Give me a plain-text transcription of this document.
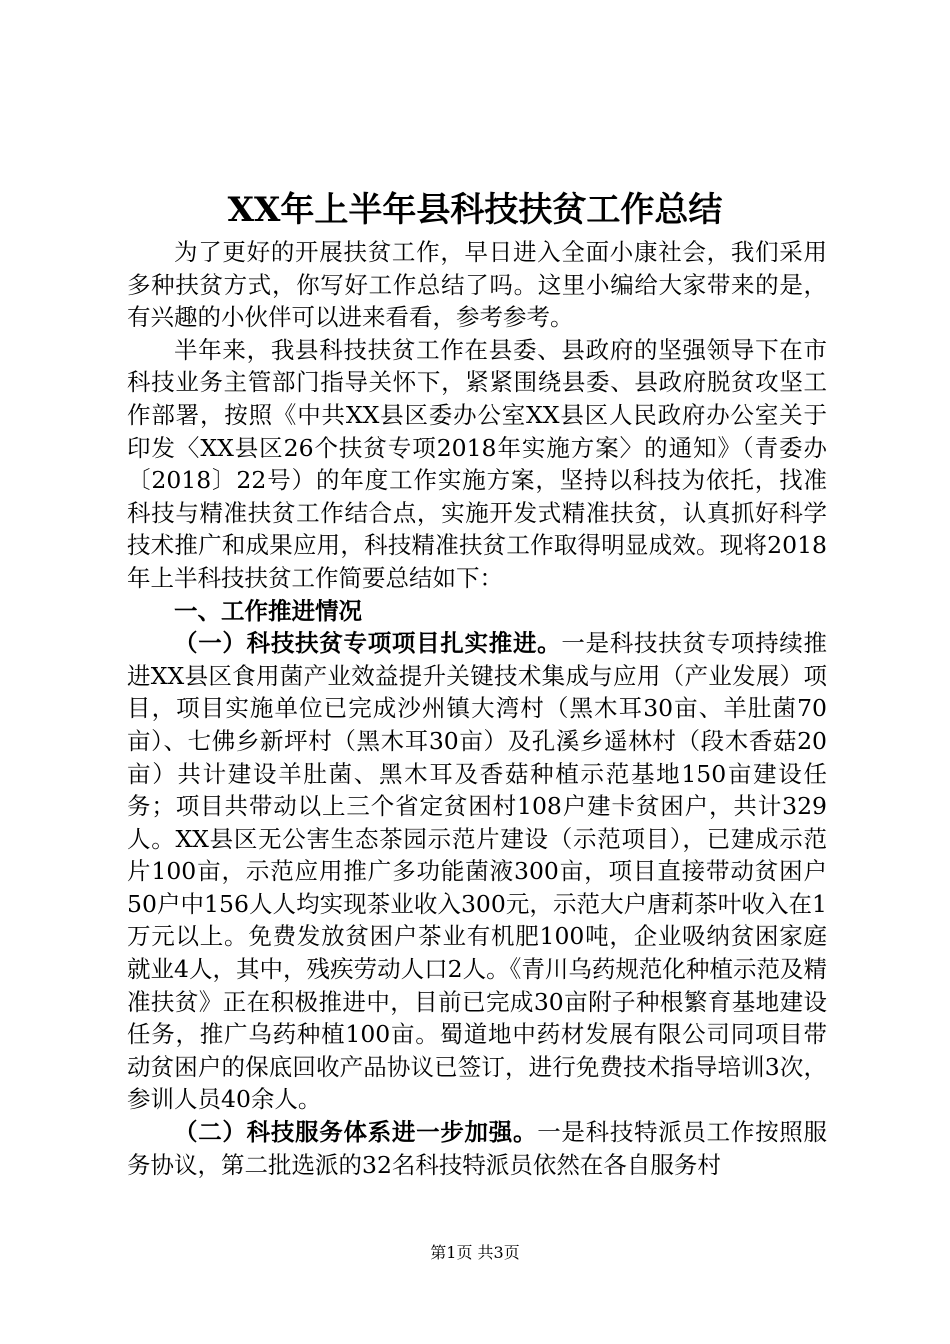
XX年上半年县科技扶贫工作总结

为了更好的开展扶贫工作，早日进入全面小康社会，我们采用多种扶贫方式，你写好工作总结了吗。这里小编给大家带来的是，有兴趣的小伙伴可以进来看看，参考参考。

半年来，我县科技扶贫工作在县委、县政府的坚强领导下在市科技业务主管部门指导关怀下，紧紧围绕县委、县政府脱贫攻坚工作部署，按照《中共XX县区委办公室XX县区人民政府办公室关于印发〈XX县区26个扶贫专项2018年实施方案〉的通知》（青委办〔2018〕22号）的年度工作实施方案，坚持以科技为依托，找准科技与精准扶贫工作结合点，实施开发式精准扶贫，认真抓好科学技术推广和成果应用，科技精准扶贫工作取得明显成效。现将2018年上半科技扶贫工作简要总结如下：

一、工作推进情况

（一）科技扶贫专项项目扎实推进。一是科技扶贫专项持续推进XX县区食用菌产业效益提升关键技术集成与应用（产业发展）项目，项目实施单位已完成沙州镇大湾村（黑木耳30亩、羊肚菌70亩）、七佛乡新坪村（黑木耳30亩）及孔溪乡遥林村（段木香菇20亩）共计建设羊肚菌、黑木耳及香菇种植示范基地150亩建设任务；项目共带动以上三个省定贫困村108户建卡贫困户，共计329人。XX县区无公害生态茶园示范片建设（示范项目），已建成示范片100亩，示范应用推广多功能菌液300亩，项目直接带动贫困户50户中156人人均实现茶业收入300元，示范大户唐莉茶叶收入在1万元以上。免费发放贫困户茶业有机肥100吨，企业吸纳贫困家庭就业4人，其中，残疾劳动人口2人。《青川乌药规范化种植示范及精准扶贫》正在积极推进中，目前已完成30亩附子种根繁育基地建设任务，推广乌药种植100亩。蜀道地中药材发展有限公司同项目带动贫困户的保底回收产品协议已签订，进行免费技术指导培训3次，参训人员40余人。

（二）科技服务体系进一步加强。一是科技特派员工作按照服务协议，第二批选派的32名科技特派员依然在各自服务村

第1页 共3页
